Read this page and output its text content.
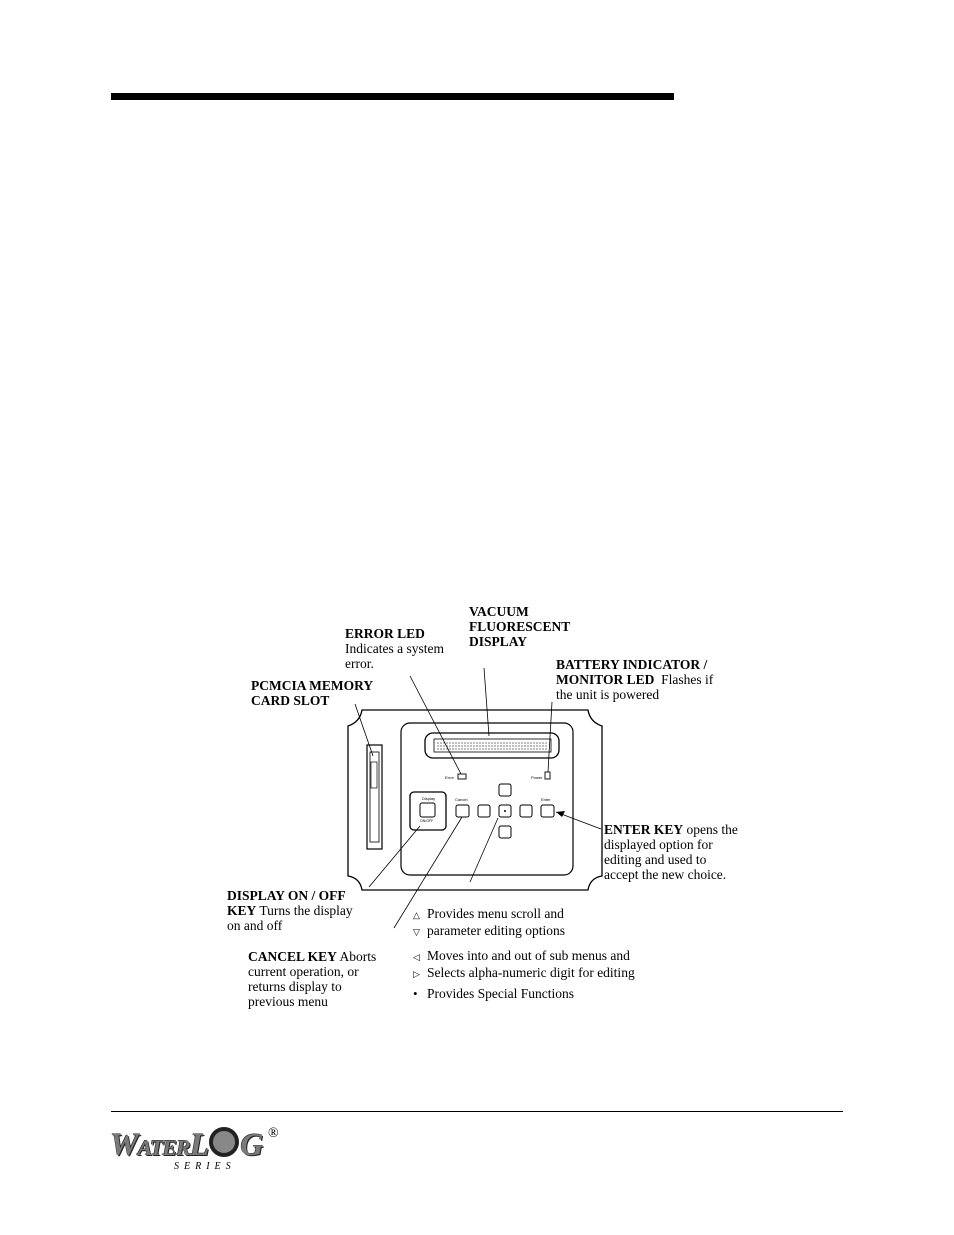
Error	Power
Display
ON/OFF
Cancel	Enter
VACUUM
FLUORESCENT
DISPLAY
ERROR LED
Indicates a system
error.	BATTERY INDICATOR /
MONITOR LED Flashes if
the unit is powered
PCMCIA MEMORY
CARD SLOT
ENTER KEY opens the
displayed option for
editing and used to
accept the new choice.
DISPLAY ON / OFF
KEY Turns the display
on and off
CANCEL KEY Aborts
current operation, or
returns display to
previous menu
△ Provides menu scroll and
▽ parameter editing options
◁ Moves into and out of sub menus and
▷ Selects alpha-numeric digit for editing
• Provides Special Functions
WATERL G
SERIES
®
